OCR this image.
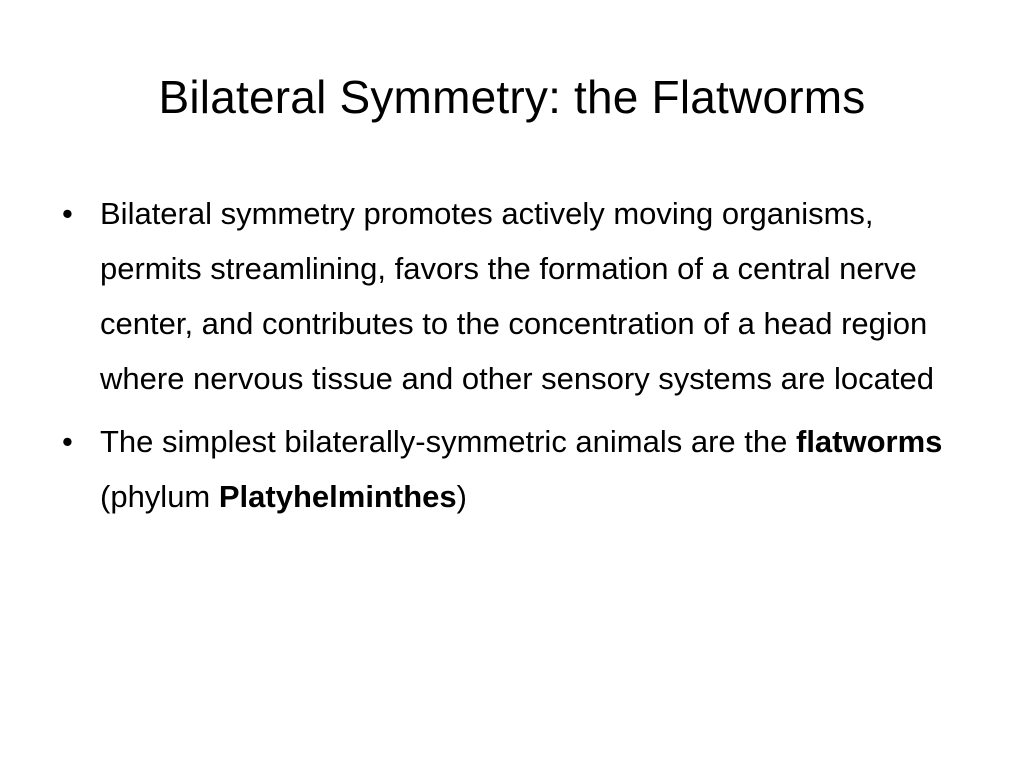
Bilateral Symmetry: the Flatworms
• Bilateral symmetry promotes actively moving organisms, permits streamlining, favors the formation of a central nerve center, and contributes to the concentration of a head region where nervous tissue and other sensory systems are located
• The simplest bilaterally-symmetric animals are the flatworms (phylum Platyhelminthes)
